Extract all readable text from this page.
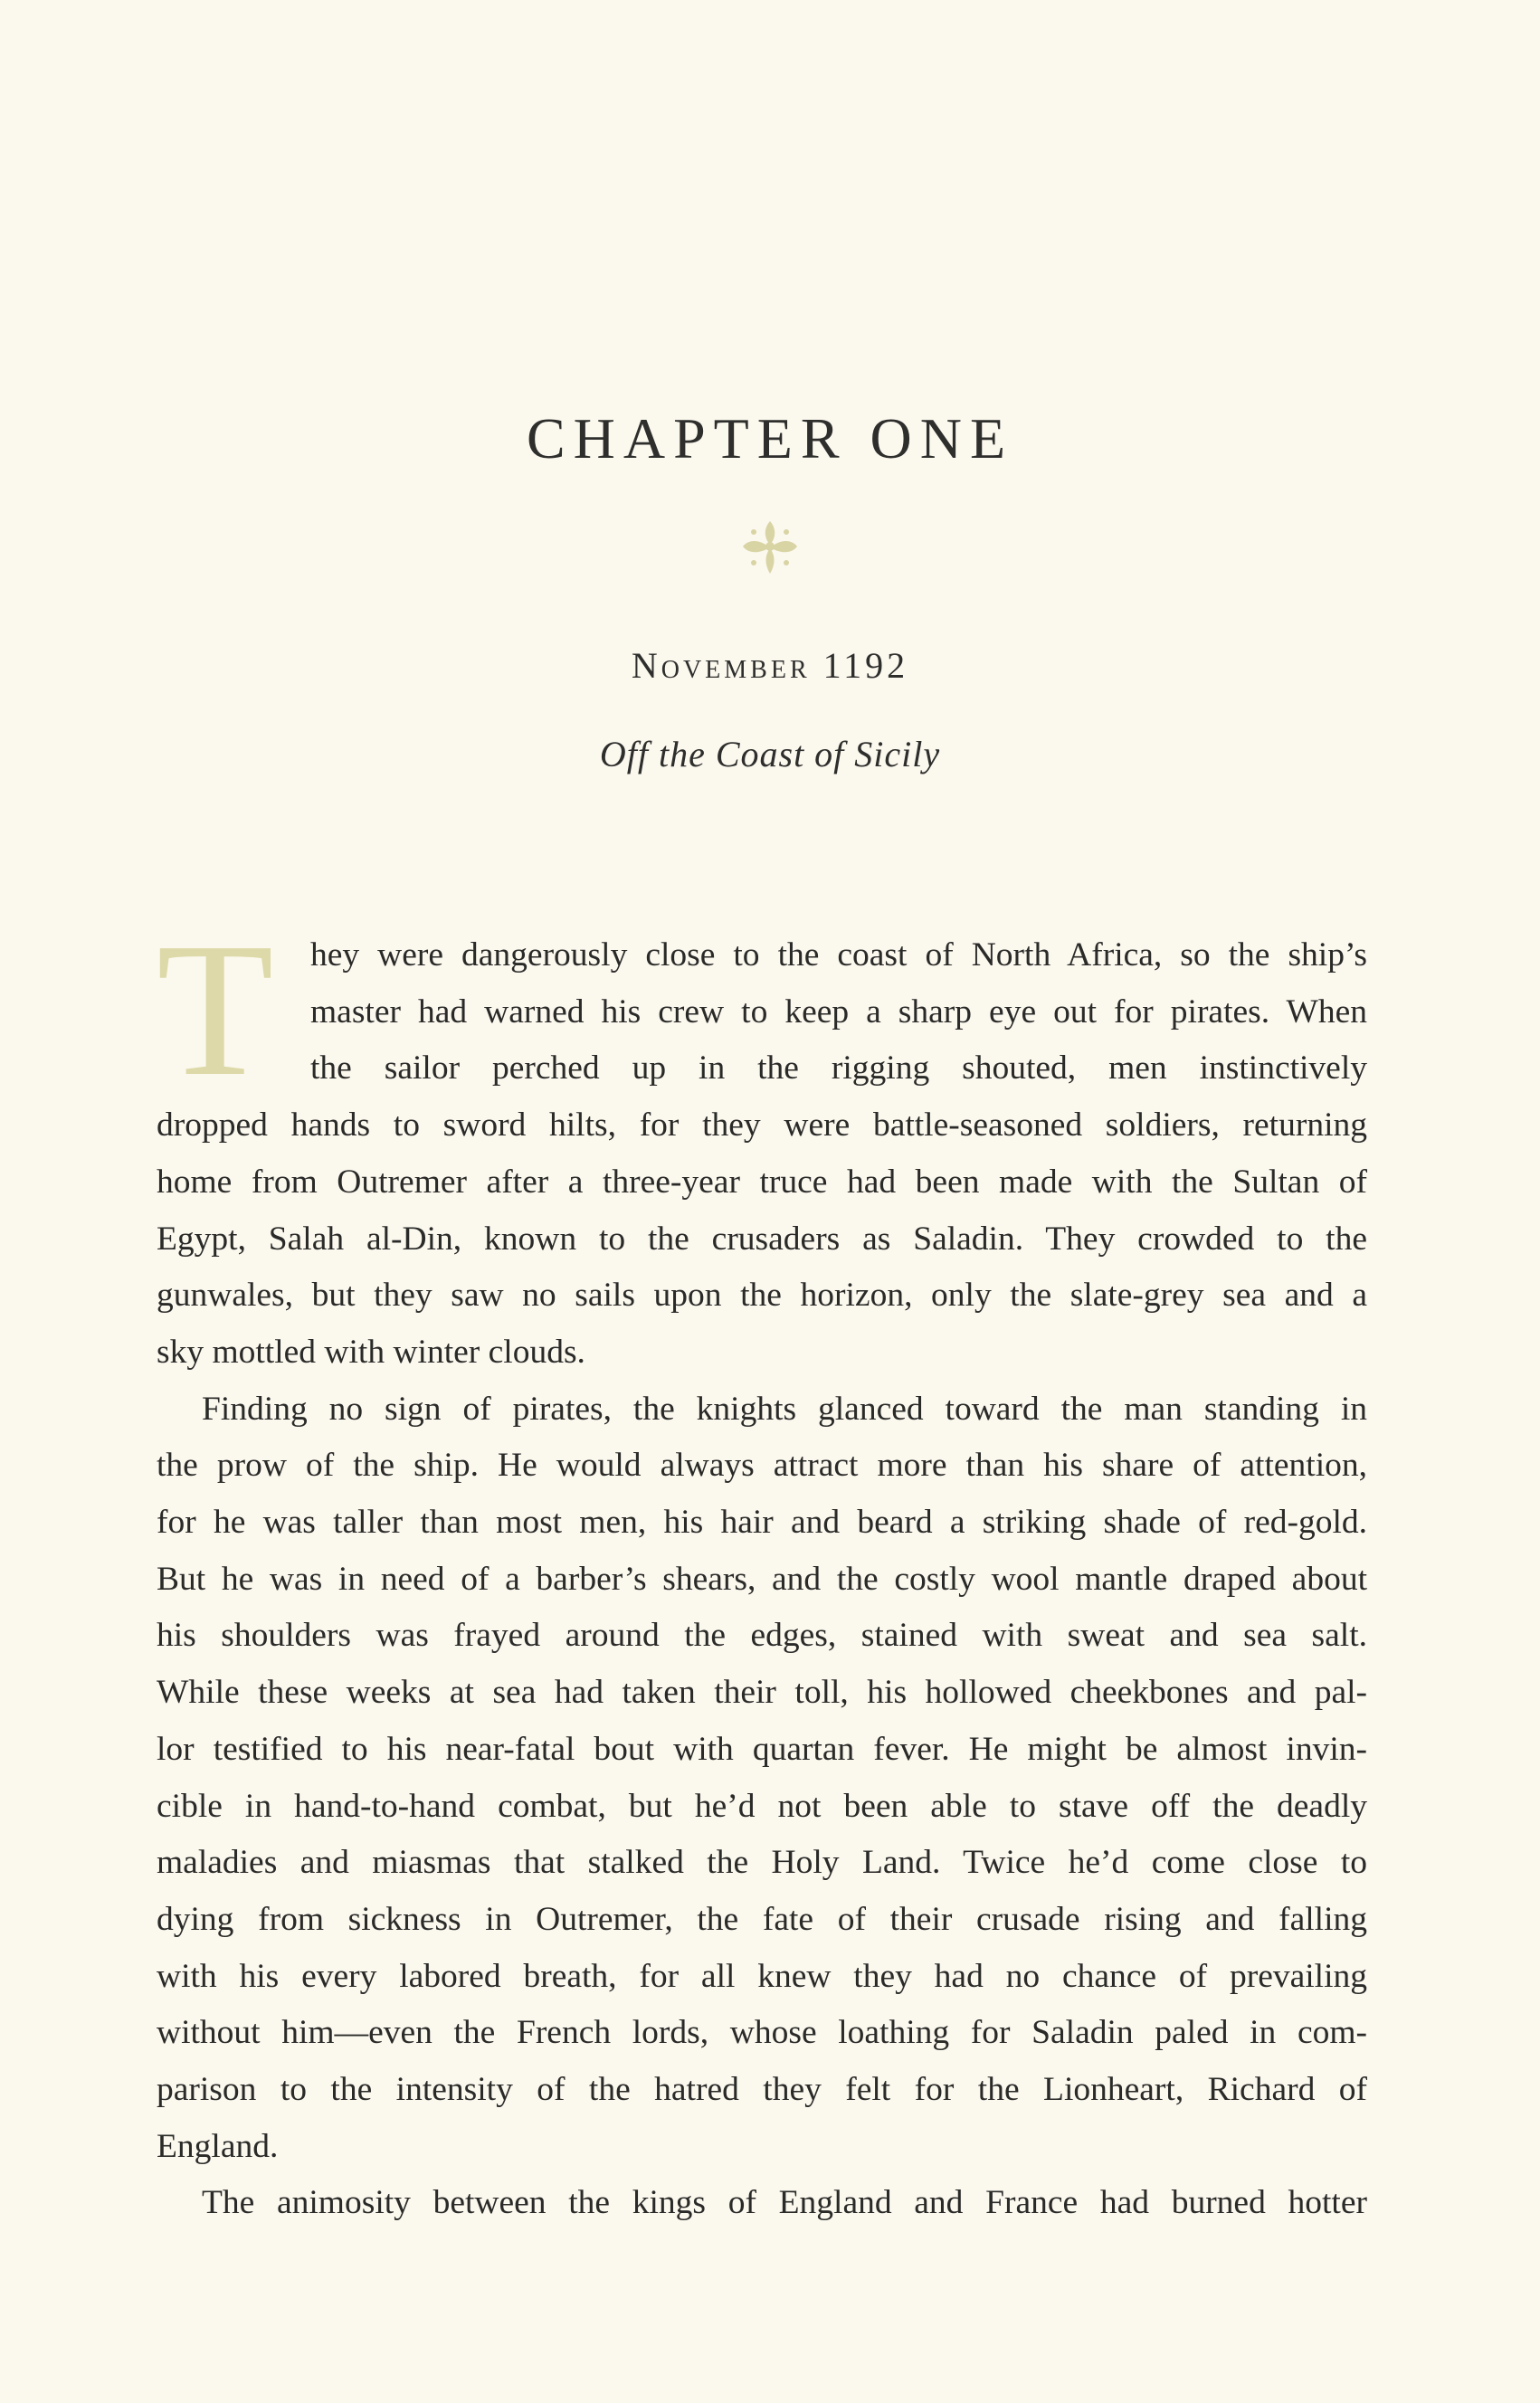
CHAPTER ONE
November 1192
Off the Coast of Sicily
T	hey were dangerously close to the coast of North Africa, so the ship’s
master had warned his crew to keep a sharp eye out for pirates. When
the sailor perched up in the rigging shouted, men instinctively
dropped hands to sword hilts, for they were battle-seasoned soldiers, returning
home from Outremer after a three-year truce had been made with the Sultan of
Egypt, Salah al-Din, known to the crusaders as Saladin. They crowded to the
gunwales, but they saw no sails upon the horizon, only the slate-grey sea and a
sky mottled with winter clouds.
Finding no sign of pirates, the knights glanced toward the man standing in
the prow of the ship. He would always attract more than his share of attention,
for he was taller than most men, his hair and beard a striking shade of red-gold.
But he was in need of a barber’s shears, and the costly wool mantle draped about
his shoulders was frayed around the edges, stained with sweat and sea salt.
While these weeks at sea had taken their toll, his hollowed cheekbones and pal-
lor testified to his near-fatal bout with quartan fever. He might be almost invin-
cible in hand-to-hand combat, but he’d not been able to stave off the deadly
maladies and miasmas that stalked the Holy Land. Twice he’d come close to
dying from sickness in Outremer, the fate of their crusade rising and falling
with his every labored breath, for all knew they had no chance of prevailing
without him—even the French lords, whose loathing for Saladin paled in com-
parison to the intensity of the hatred they felt for the Lionheart, Richard of
England.
The animosity between the kings of England and France had burned hotter
